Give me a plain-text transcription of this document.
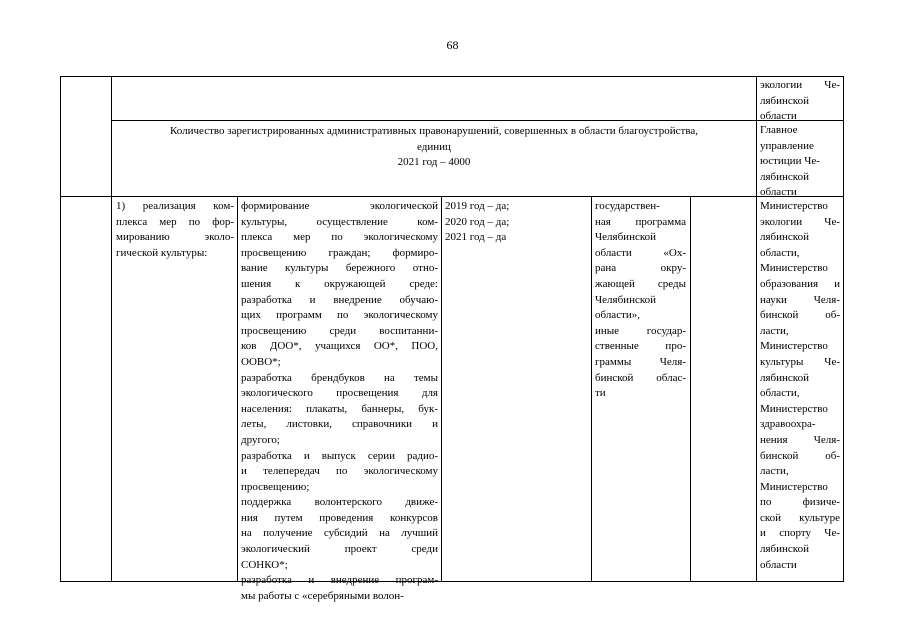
68
экологии Че-
лябинской
области
Количество зарегистрированных административных правонарушений, совершенных в области благоустройства,
единиц
2021 год – 4000
Главное
управление
юстиции Че-
лябинской
области
1) реализация ком-
плекса мер по фор-
мированию эколо-
гической культуры:
формирование экологической
культуры, осуществление ком-
плекса мер по экологическому
просвещению граждан; формиро-
вание культуры бережного отно-
шения к окружающей среде:
разработка и внедрение обучаю-
щих программ по экологическому
просвещению среди воспитанни-
ков ДОО*, учащихся ОО*, ПОО,
ООВО*;
разработка брендбуков на темы
экологического просвещения для
населения: плакаты, баннеры, бук-
леты, листовки, справочники и
другого;
разработка и выпуск серии радио-
и телепередач по экологическому
просвещению;
поддержка волонтерского движе-
ния путем проведения конкурсов
на получение субсидий на лучший
экологический проект среди
СОНКО*;
разработка и внедрение програм-
мы работы с «серебряными волон-
2019 год – да;
2020 год – да;
2021 год – да
государствен-
ная программа
Челябинской
области «Ох-
рана окру-
жающей среды
Челябинской
области»,
иные государ-
ственные про-
граммы Челя-
бинской облас-
ти
Министерство
экологии Че-
лябинской
области,
Министерство
образования и
науки Челя-
бинской об-
ласти,
Министерство
культуры Че-
лябинской
области,
Министерство
здравоохра-
нения Челя-
бинской об-
ласти,
Министерство
по физиче-
ской культуре
и спорту Че-
лябинской
области
